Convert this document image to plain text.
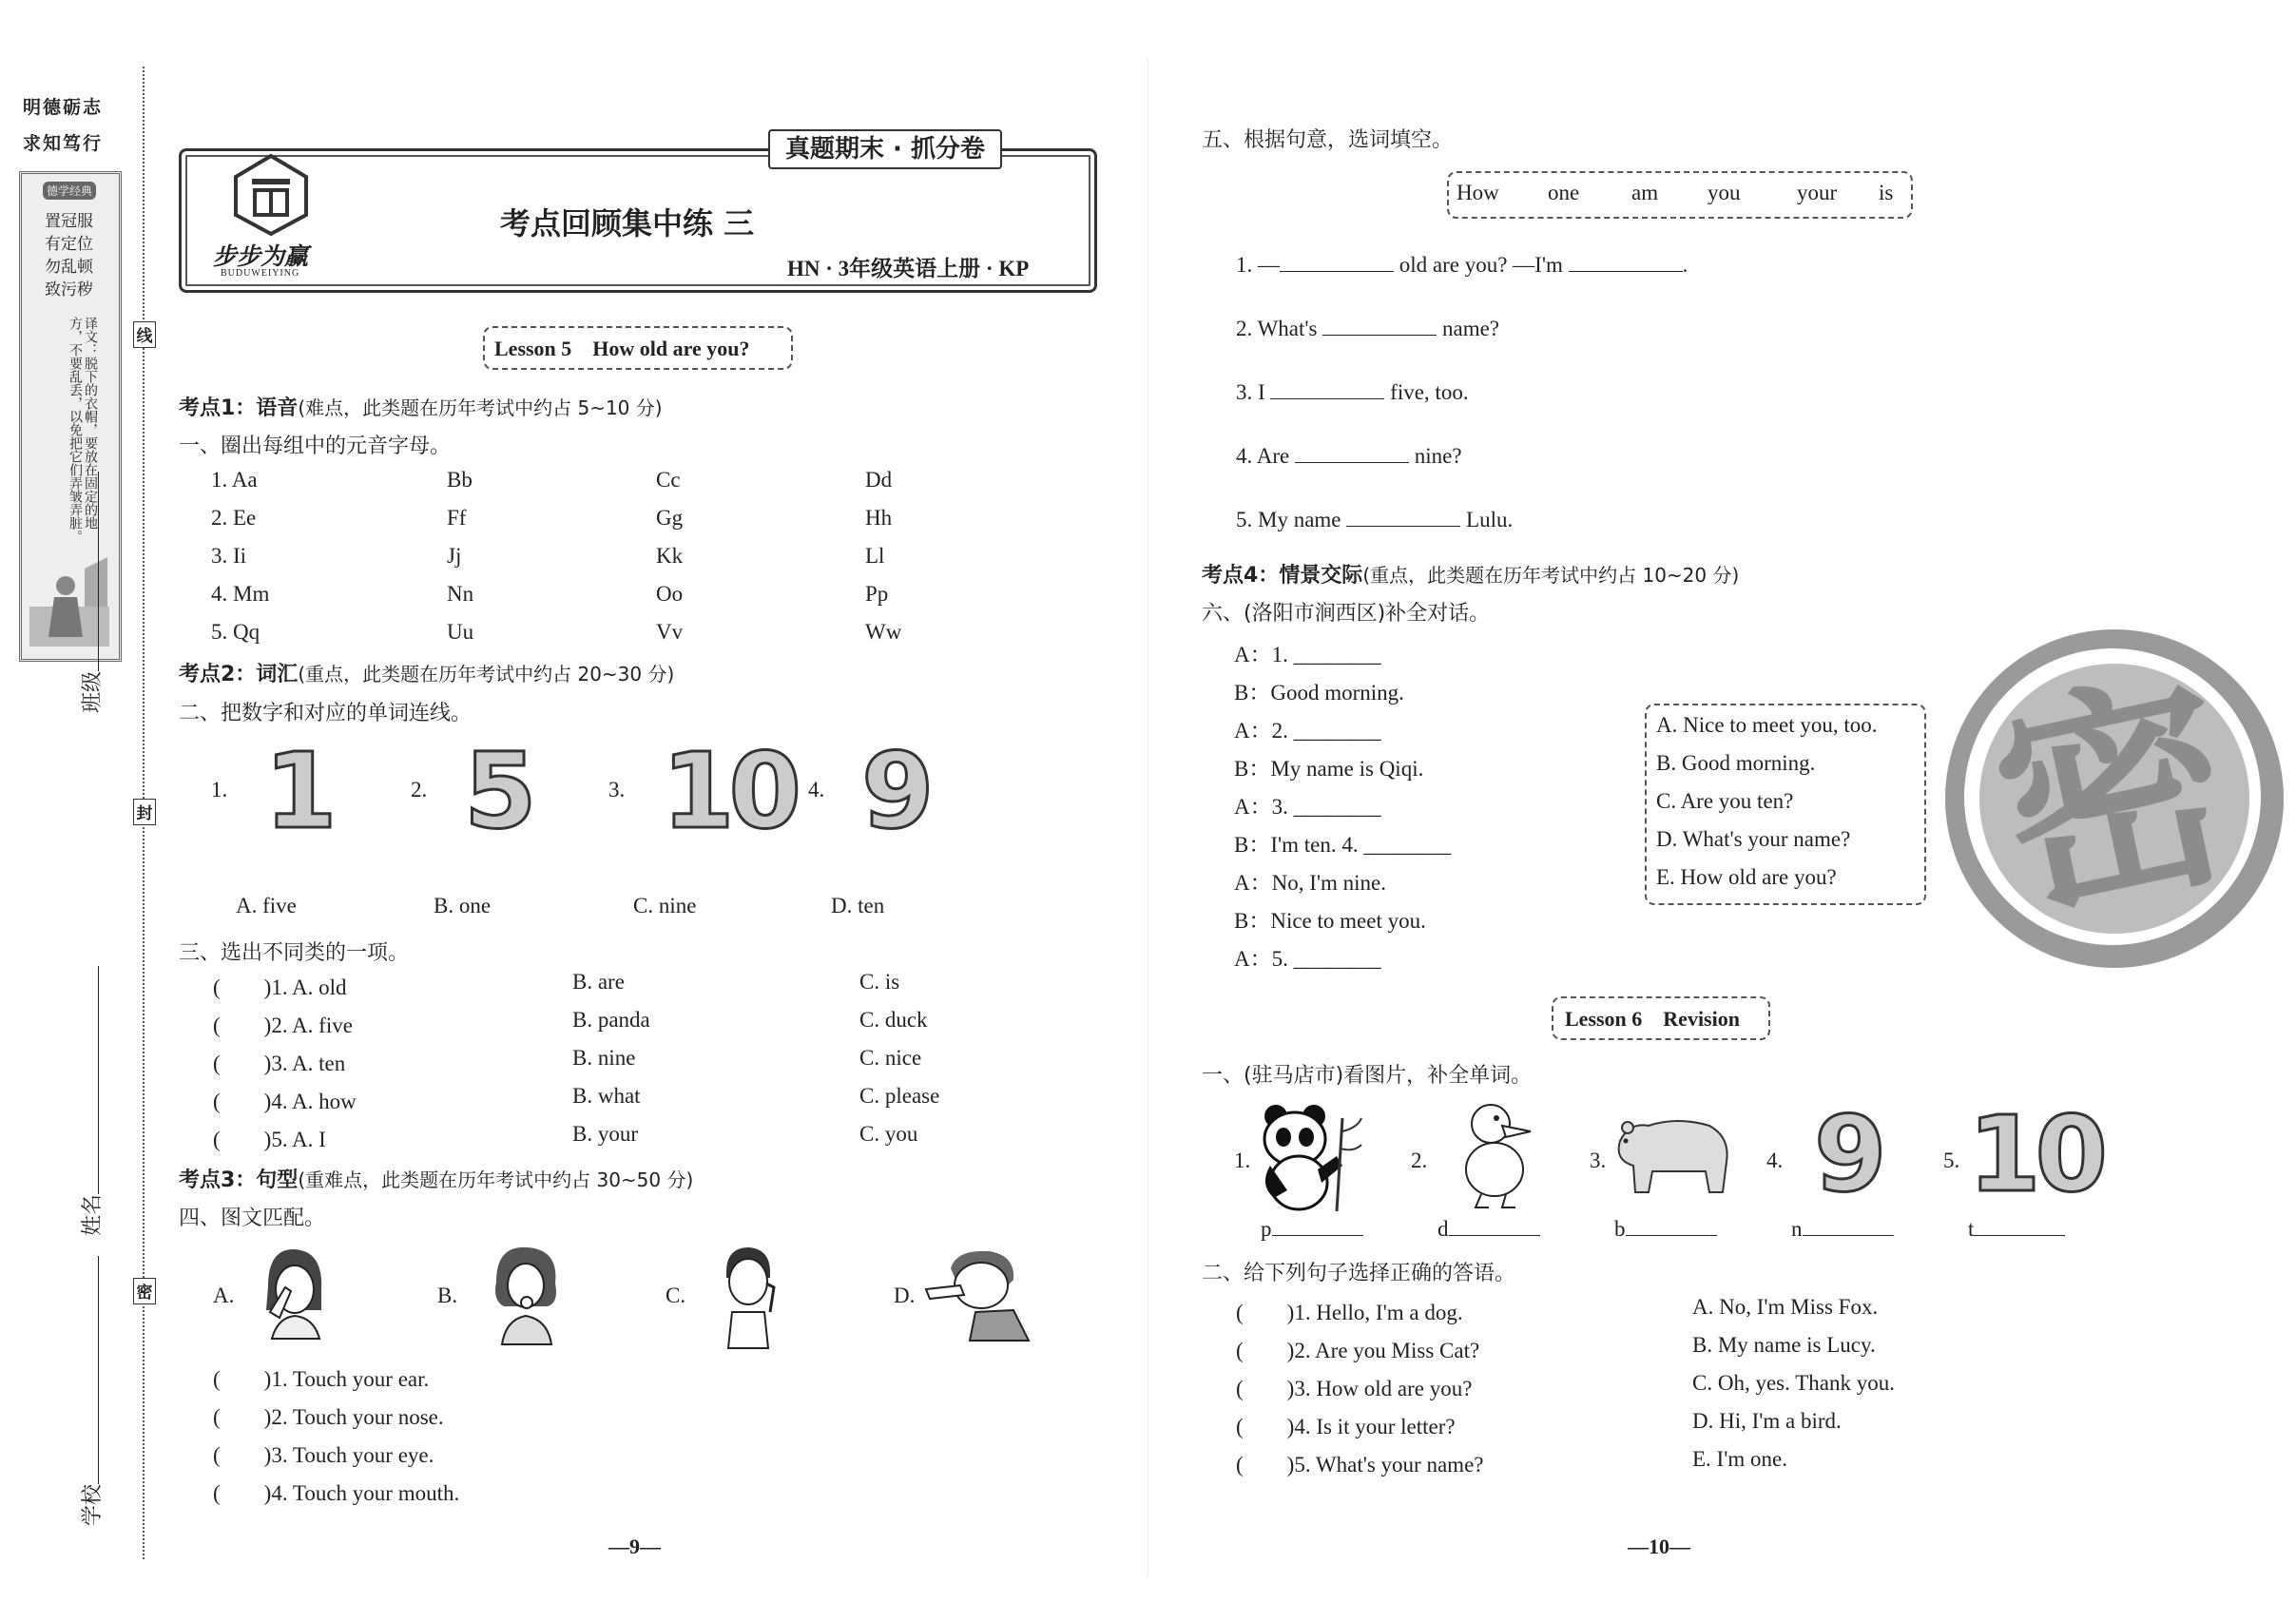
明德砺志
求知笃行
德学经典
置冠服
有定位
勿乱顿
致污秽
译文：脱下的衣帽，要放在固定的地方，不要乱丢，以免把它们弄皱弄脏。	线
封
密
班级
姓名
学校
步步为赢
BUDUWEIYING
真题期末 · 抓分卷
考点回顾集中练 三
HN · 3年级英语上册 · KP
Lesson 5　How old are you?
考点1：语音(难点，此类题在历年考试中约占 5~10 分)
一、圈出每组中的元音字母。
1. Aa	Bb	Cc	Dd
2. Ee	Ff	Gg	Hh
3. Ii	Jj	Kk	Ll
4. Mm	Nn	Oo	Pp
5. Qq	Uu	Vv	Ww
考点2：词汇(重点，此类题在历年考试中约占 20~30 分)
二、把数字和对应的单词连线。
1. 1	2. 5	3. 10 4. 9
A. five	B. one	C. nine	D. ten
三、选出不同类的一项。
(　　)1. A. old	B. are	C. is
(　　)2. A. five	B. panda	C. duck
(　　)3. A. ten	B. nine	C. nice
(　　)4. A. how	B. what	C. please
(　　)5. A. I	B. your	C. you
考点3：句型(重难点，此类题在历年考试中约占 30~50 分)
四、图文匹配。
A.	B.	C.	D.
(　　)1. Touch your ear.
(　　)2. Touch your nose.
(　　)3. Touch your eye.
(　　)4. Touch your mouth.
—9—
五、根据句意，选词填空。
How one am you	your is
1. —	old are you? —I'm	.
2. What's	name?
3. I	five, too.
4. Are	nine?
5. My name	Lulu.
考点4：情景交际(重点，此类题在历年考试中约占 10~20 分)
六、(洛阳市涧西区)补全对话。
A：1. ________
B：Good morning.
A：2. ________
B：My name is Qiqi.
A：3. ________
B：I'm ten. 4. ________
A：No, I'm nine.
B：Nice to meet you.
A：5. ________
A. Nice to meet you, too.
B. Good morning.
C. Are you ten?
D. What's your name?
E. How old are you? 密
Lesson 6　Revision
一、(驻马店市)看图片，补全单词。
1.	2.	3.	4. 9	5. 10
p	d	b	n	t
二、给下列句子选择正确的答语。
(　　)1. Hello, I'm a dog.
(　　)2. Are you Miss Cat?
(　　)3. How old are you?
(　　)4. Is it your letter?
(　　)5. What's your name?
A. No, I'm Miss Fox.
B. My name is Lucy.
C. Oh, yes. Thank you.
D. Hi, I'm a bird.
E. I'm one.
—10—
